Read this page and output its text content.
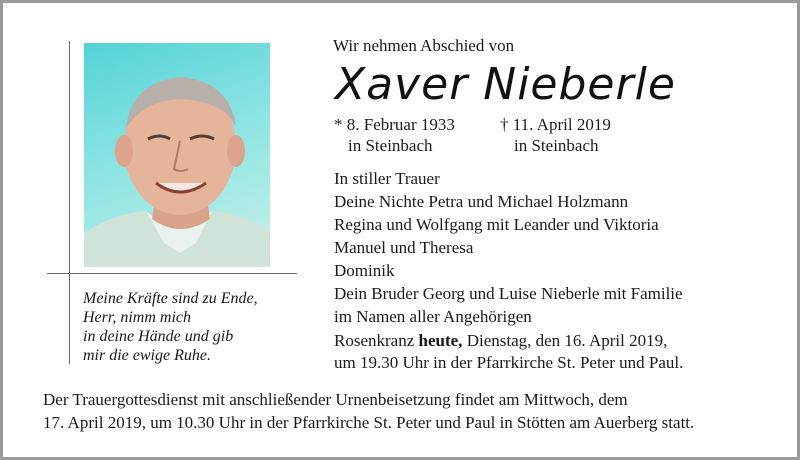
Meine Kräfte sind zu Ende,
Herr, nimm mich
in deine Hände und gib
mir die ewige Ruhe.
Wir nehmen Abschied von
Xaver Nieberle
* 8. Februar 1933
in Steinbach
† 11. April 2019
in Steinbach
In stiller Trauer
Deine Nichte Petra und Michael Holzmann
Regina und Wolfgang mit Leander und Viktoria
Manuel und Theresa
Dominik
Dein Bruder Georg und Luise Nieberle mit Familie
im Namen aller Angehörigen
Rosenkranz heute, Dienstag, den 16. April 2019,
um 19.30 Uhr in der Pfarrkirche St. Peter und Paul.
Der Trauergottesdienst mit anschließender Urnenbeisetzung findet am Mittwoch, dem
17. April 2019, um 10.30 Uhr in der Pfarrkirche St. Peter und Paul in Stötten am Auerberg statt.
